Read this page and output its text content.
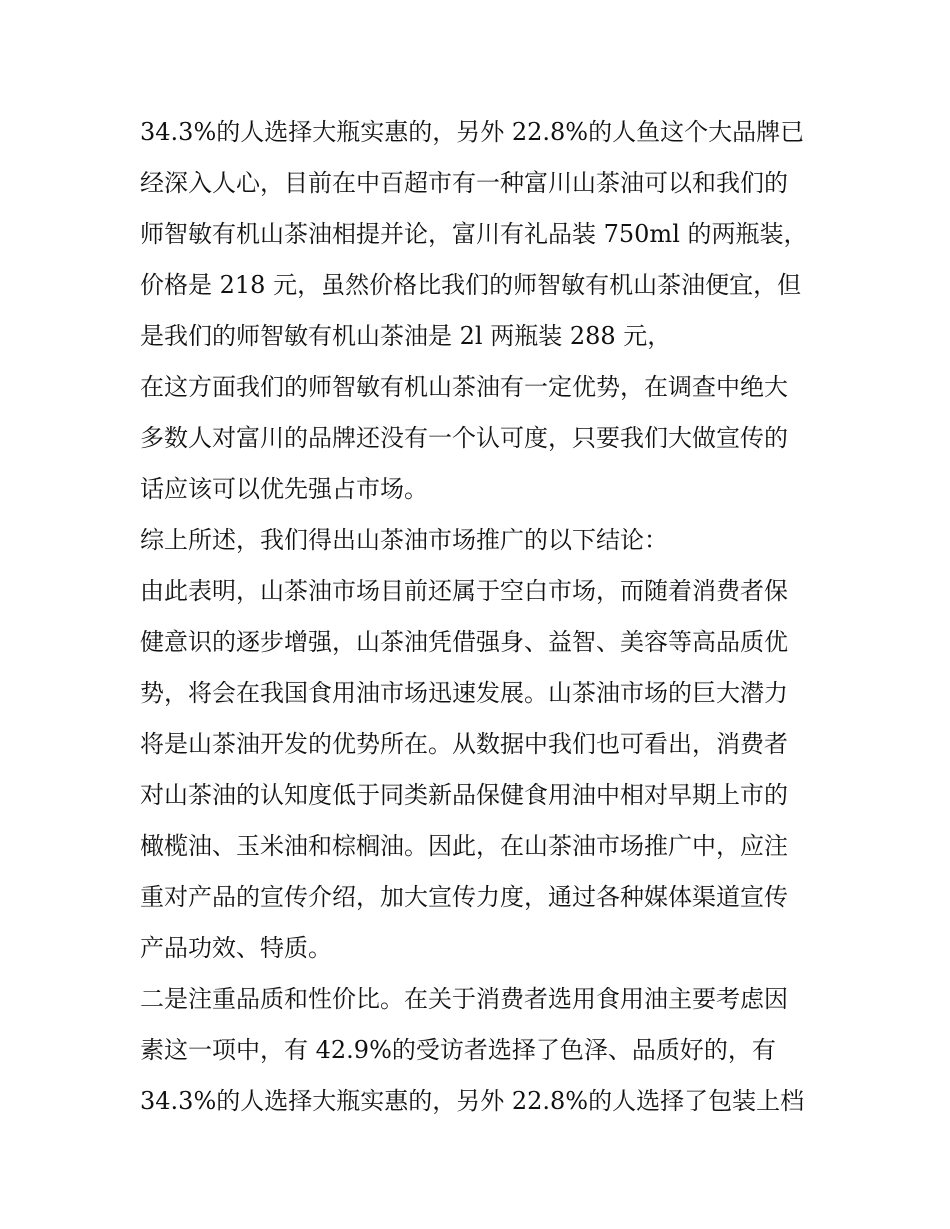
34.3%的人选择大瓶实惠的，另外 22.8%的人鱼这个大品牌已
经深入人心，目前在中百超市有一种富川山茶油可以和我们的
师智敏有机山茶油相提并论，富川有礼品装 750ml 的两瓶装，
价格是 218 元，虽然价格比我们的师智敏有机山茶油便宜，但
是我们的师智敏有机山茶油是 2l 两瓶装 288 元，
在这方面我们的师智敏有机山茶油有一定优势，在调查中绝大
多数人对富川的品牌还没有一个认可度，只要我们大做宣传的
话应该可以优先强占市场。
综上所述，我们得出山茶油市场推广的以下结论：
由此表明，山茶油市场目前还属于空白市场，而随着消费者保
健意识的逐步增强，山茶油凭借强身、益智、美容等高品质优
势，将会在我国食用油市场迅速发展。山茶油市场的巨大潜力
将是山茶油开发的优势所在。从数据中我们也可看出，消费者
对山茶油的认知度低于同类新品保健食用油中相对早期上市的
橄榄油、玉米油和棕榈油。因此，在山茶油市场推广中，应注
重对产品的宣传介绍，加大宣传力度，通过各种媒体渠道宣传
产品功效、特质。
二是注重品质和性价比。在关于消费者选用食用油主要考虑因
素这一项中，有 42.9%的受访者选择了色泽、品质好的，有
34.3%的人选择大瓶实惠的，另外 22.8%的人选择了包装上档
